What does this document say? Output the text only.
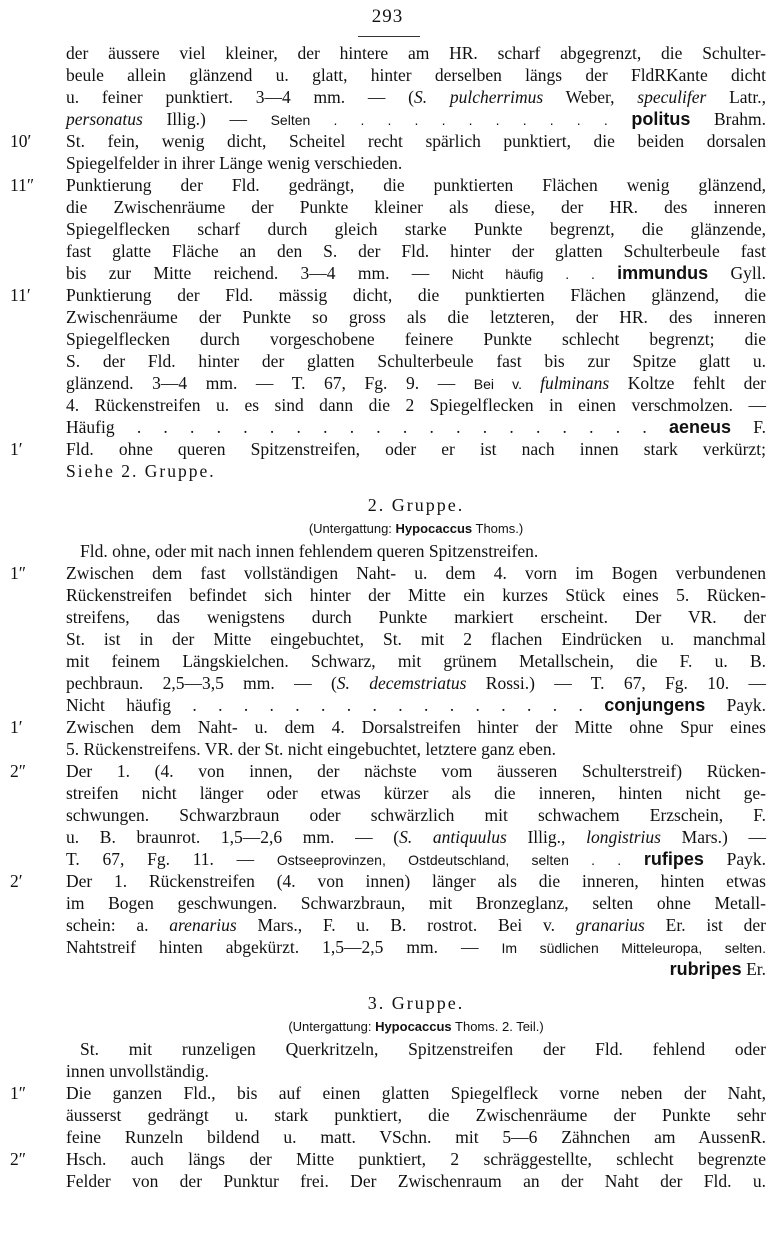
293
der äussere viel kleiner, der hintere am HR. scharf abgegrenzt, die Schulter-
beule allein glänzend u. glatt, hinter derselben längs der FldRKante dicht
u. feiner punktiert. 3—4 mm. — (S. pulcherrimus Weber, speculifer Latr.,
personatus Illig.) — Selten . . . . . . . . . . . politus Brahm.
10′	St. fein, wenig dicht, Scheitel recht spärlich punktiert, die beiden dorsalen
Spiegelfelder in ihrer Länge wenig verschieden.
11″	Punktierung der Fld. gedrängt, die punktierten Flächen wenig glänzend,
die Zwischenräume der Punkte kleiner als diese, der HR. des inneren
Spiegelflecken scharf durch gleich starke Punkte begrenzt, die glänzende,
fast glatte Fläche an den S. der Fld. hinter der glatten Schulterbeule fast
bis zur Mitte reichend. 3—4 mm. — Nicht häufig . . immundus Gyll.
11′	Punktierung der Fld. mässig dicht, die punktierten Flächen glänzend, die
Zwischenräume der Punkte so gross als die letzteren, der HR. des inneren
Spiegelflecken durch vorgeschobene feinere Punkte schlecht begrenzt; die
S. der Fld. hinter der glatten Schulterbeule fast bis zur Spitze glatt u.
glänzend. 3—4 mm. — T. 67, Fg. 9. — Bei v. fulminans Koltze fehlt der
4. Rückenstreifen u. es sind dann die 2 Spiegelflecken in einen verschmolzen. —
Häufig . . . . . . . . . . . . . . . . . . . . aeneus F.
1′	Fld. ohne queren Spitzenstreifen, oder er ist nach innen stark verkürzt;
Siehe 2. Gruppe.
2. Gruppe.
(Untergattung: Hypocaccus Thoms.)
Fld. ohne, oder mit nach innen fehlendem queren Spitzenstreifen.
1″	Zwischen dem fast vollständigen Naht- u. dem 4. vorn im Bogen verbundenen
Rückenstreifen befindet sich hinter der Mitte ein kurzes Stück eines 5. Rücken-
streifens, das wenigstens durch Punkte markiert erscheint. Der VR. der
St. ist in der Mitte eingebuchtet, St. mit 2 flachen Eindrücken u. manchmal
mit feinem Längskielchen. Schwarz, mit grünem Metallschein, die F. u. B.
pechbraun. 2,5—3,5 mm. — (S. decemstriatus Rossi.) — T. 67, Fg. 10. —
Nicht häufig . . . . . . . . . . . . . . . . conjungens Payk.
1′	Zwischen dem Naht- u. dem 4. Dorsalstreifen hinter der Mitte ohne Spur eines
5. Rückenstreifens. VR. der St. nicht eingebuchtet, letztere ganz eben.
2″	Der 1. (4. von innen, der nächste vom äusseren Schulterstreif) Rücken-
streifen nicht länger oder etwas kürzer als die inneren, hinten nicht ge-
schwungen. Schwarzbraun oder schwärzlich mit schwachem Erzschein, F.
u. B. braunrot. 1,5—2,6 mm. — (S. antiquulus Illig., longistrius Mars.) —
T. 67, Fg. 11. — Ostseeprovinzen, Ostdeutschland, selten . . rufipes Payk.
2′	Der 1. Rückenstreifen (4. von innen) länger als die inneren, hinten etwas
im Bogen geschwungen. Schwarzbraun, mit Bronzeglanz, selten ohne Metall-
schein: a. arenarius Mars., F. u. B. rostrot. Bei v. granarius Er. ist der
Nahtstreif hinten abgekürzt. 1,5—2,5 mm. — Im südlichen Mitteleuropa, selten.
rubripes Er.
3. Gruppe.
(Untergattung: Hypocaccus Thoms. 2. Teil.)
St. mit runzeligen Querkritzeln, Spitzenstreifen der Fld. fehlend oder
innen unvollständig.
1″	Die ganzen Fld., bis auf einen glatten Spiegelfleck vorne neben der Naht,
äusserst gedrängt u. stark punktiert, die Zwischenräume der Punkte sehr
feine Runzeln bildend u. matt. VSchn. mit 5—6 Zähnchen am AussenR.
2″	Hsch. auch längs der Mitte punktiert, 2 schräggestellte, schlecht begrenzte
Felder von der Punktur frei. Der Zwischenraum an der Naht der Fld. u.
